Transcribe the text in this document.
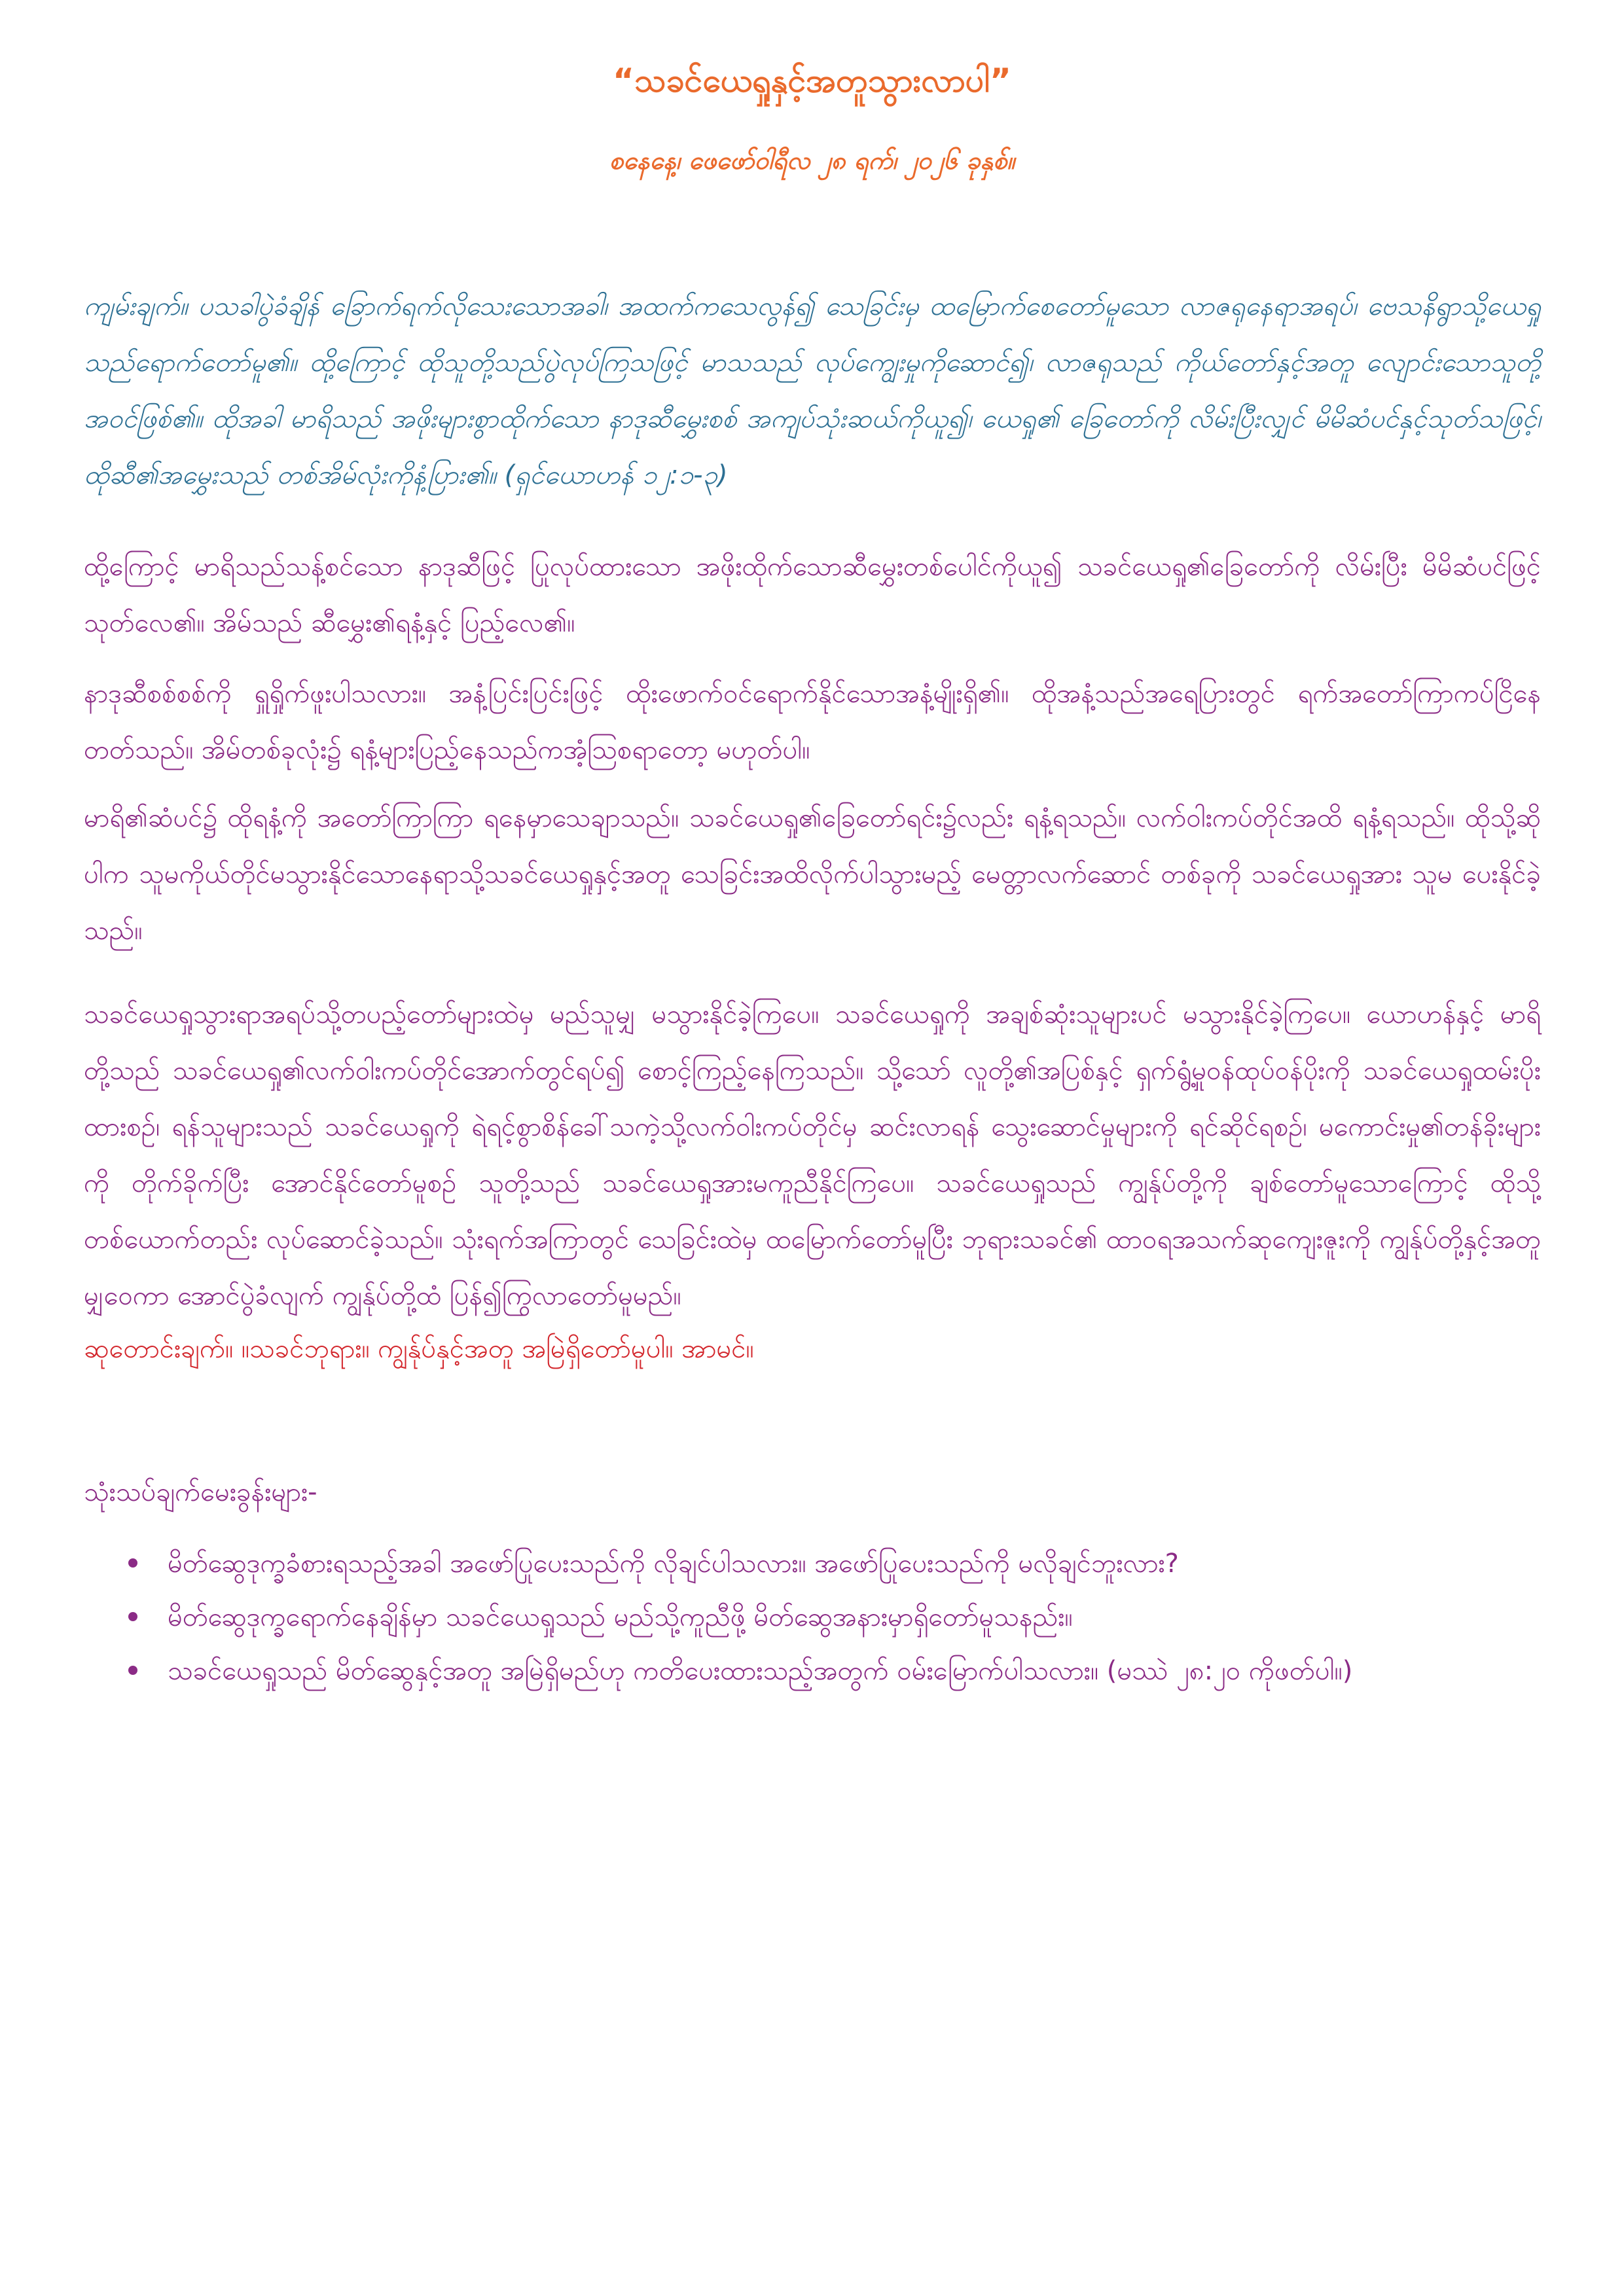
“သခင်ယေရှုနှင့်အတူသွားလာပါ”
စနေနေ့၊ ဖေဖော်ဝါရီလ ၂၈ ရက်၊ ၂၀၂၆ ခုနှစ်။
ကျမ်းချက်။ ပသခါပွဲခံချိန် ခြောက်ရက်လိုသေးသောအခါ၊ အထက်ကသေလွန်၍ သေခြင်းမှ ထမြောက်စေတော်မူသော လာဇရုနေရာအရပ်၊ ဗေသနိရွာသို့ယေရှုသည်ရောက်တော်မူ၏။ ထို့ကြောင့် ထိုသူတို့သည်ပွဲလုပ်ကြသဖြင့် မာသသည် လုပ်ကျွေးမှုကိုဆောင်၍၊ လာဇရုသည် ကိုယ်တော်နှင့်အတူ လျောင်းသောသူတို့အဝင်ဖြစ်၏။ ထိုအခါ မာရိသည် အဖိုးများစွာထိုက်သော နာဒုဆီမွှေးစစ် အကျပ်သုံးဆယ်ကိုယူ၍၊ ယေရှု၏ ခြေတော်ကို လိမ်းပြီးလျှင် မိမိဆံပင်နှင့်သုတ်သဖြင့်၊ ထိုဆီ၏အမွှေးသည် တစ်အိမ်လုံးကိုနံ့ပြား၏။ (ရှင်ယောဟန် ၁၂:၁-၃)
ထို့ကြောင့် မာရိသည်သန့်စင်သော နာဒုဆီဖြင့် ပြုလုပ်ထားသော အဖိုးထိုက်သောဆီမွှေးတစ်ပေါင်ကိုယူ၍ သခင်ယေရှု၏ခြေတော်ကို လိမ်းပြီး မိမိဆံပင်ဖြင့် သုတ်လေ၏။ အိမ်သည် ဆီမွှေး၏ရနံ့နှင့် ပြည့်လေ၏။
နာဒုဆီစစ်စစ်ကို ရှူရှိုက်ဖူးပါသလား။ အနံ့ပြင်းပြင်းဖြင့် ထိုးဖောက်ဝင်ရောက်နိုင်သောအနံ့မျိုးရှိ၏။ ထိုအနံ့သည်အရေပြားတွင် ရက်အတော်ကြာကပ်ငြိနေတတ်သည်။ အိမ်တစ်ခုလုံး၌ ရနံ့များပြည့်နေသည်ကအံ့ဩစရာတော့ မဟုတ်ပါ။
မာရိ၏ဆံပင်၌ ထိုရနံ့ကို အတော်ကြာကြာ ရနေမှာသေချာသည်။ သခင်ယေရှု၏ခြေတော်ရင်း၌လည်း ရနံ့ရသည်။ လက်ဝါးကပ်တိုင်အထိ ရနံ့ရသည်။ ထိုသို့ဆိုပါက သူမကိုယ်တိုင်မသွားနိုင်သောနေရာသို့သခင်ယေရှုနှင့်အတူ သေခြင်းအထိလိုက်ပါသွားမည့် မေတ္တာလက်ဆောင် တစ်ခုကို သခင်ယေရှုအား သူမ ပေးနိုင်ခဲ့သည်။
သခင်ယေရှုသွားရာအရပ်သို့တပည့်တော်များထဲမှ မည်သူမျှ မသွားနိုင်ခဲ့ကြပေ။ သခင်ယေရှုကို အချစ်ဆုံးသူများပင် မသွားနိုင်ခဲ့ကြပေ။ ယောဟန်နှင့် မာရိတို့သည် သခင်ယေရှု၏လက်ဝါးကပ်တိုင်အောက်တွင်ရပ်၍ စောင့်ကြည့်နေကြသည်။ သို့သော် လူတို့၏အပြစ်နှင့် ရှက်ရွံ့မှုဝန်ထုပ်ဝန်ပိုးကို သခင်ယေရှုထမ်းပိုးထားစဉ်၊ ရန်သူများသည် သခင်ယေရှုကို ရဲရင့်စွာစိန်ခေါ်သကဲ့သို့လက်ဝါးကပ်တိုင်မှ ဆင်းလာရန် သွေးဆောင်မှုများကို ရင်ဆိုင်ရစဉ်၊ မကောင်းမှု၏တန်ခိုးများကို တိုက်ခိုက်ပြီး အောင်နိုင်တော်မူစဉ် သူတို့သည် သခင်ယေရှုအားမကူညီနိုင်ကြပေ။ သခင်ယေရှုသည် ကျွန်ုပ်တို့ကို ချစ်တော်မူသောကြောင့် ထိုသို့တစ်ယောက်တည်း လုပ်ဆောင်ခဲ့သည်။ သုံးရက်အကြာတွင် သေခြင်းထဲမှ ထမြောက်တော်မူပြီး ဘုရားသခင်၏ ထာဝရအသက်ဆုကျေးဇူးကို ကျွန်ုပ်တို့နှင့်အတူ မျှဝေကာ အောင်ပွဲခံလျက် ကျွန်ုပ်တို့ထံ ပြန်၍ကြွလာတော်မူမည်။
ဆုတောင်းချက်။ ။သခင်ဘုရား။ ကျွန်ုပ်နှင့်အတူ အမြဲရှိတော်မူပါ။ အာမင်။
သုံးသပ်ချက်မေးခွန်းများ-
မိတ်ဆွေဒုက္ခခံစားရသည့်အခါ အဖော်ပြုပေးသည်ကို လိုချင်ပါသလား။ အဖော်ပြုပေးသည်ကို မလိုချင်ဘူးလား?
မိတ်ဆွေဒုက္ခရောက်နေချိန်မှာ သခင်ယေရှုသည် မည်သို့ကူညီဖို့ မိတ်ဆွေအနားမှာရှိတော်မူသနည်း။
သခင်ယေရှုသည် မိတ်ဆွေနှင့်အတူ အမြဲရှိမည်ဟု ကတိပေးထားသည့်အတွက် ဝမ်းမြောက်ပါသလား။ (မဿဲ ၂၈:၂၀ ကိုဖတ်ပါ။)
